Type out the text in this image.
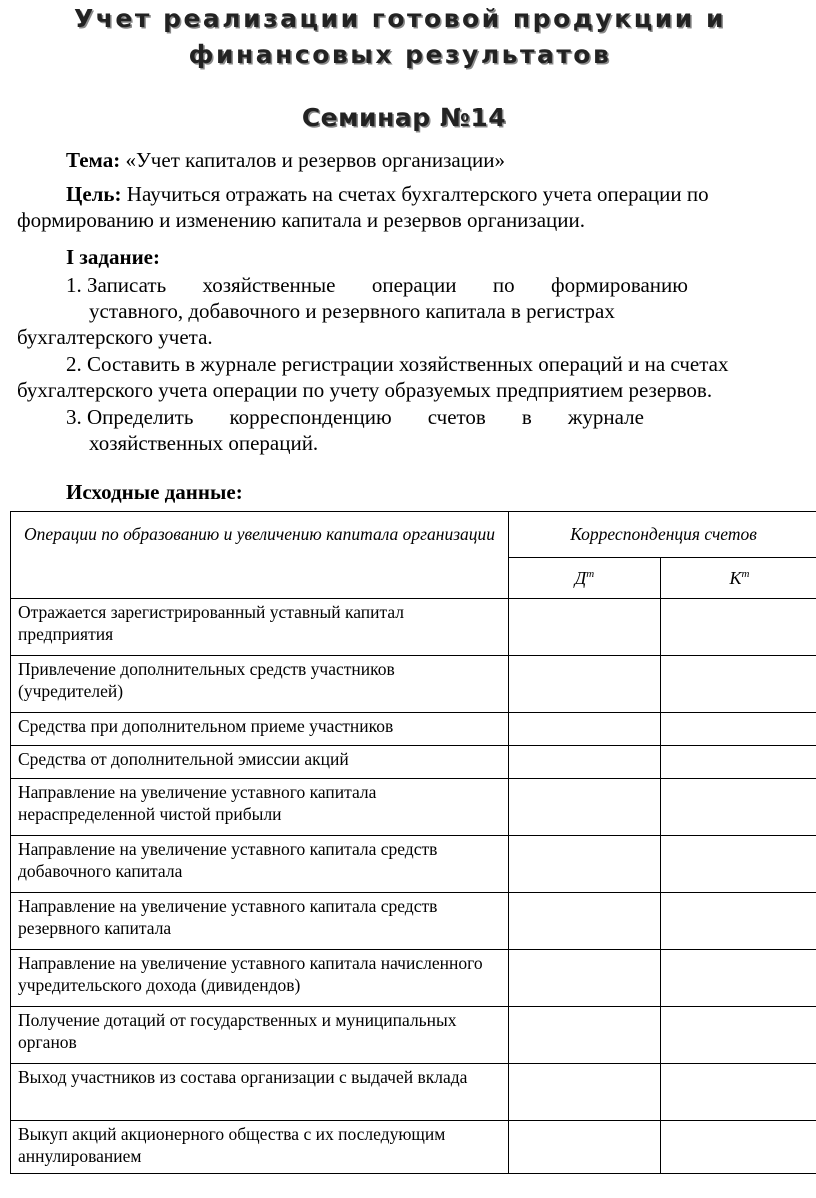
Учет реализации готовой продукции и
финансовых результатов
Семинар №14
Тема: «Учет капиталов и резервов организации»
Цель: Научиться отражать на счетах бухгалтерского учета операции по
формированию и изменению капитала и резервов организации.
I задание:
1. Записать хозяйственные операции по формированию
уставного, добавочного и резервного капитала в регистрах
бухгалтерского учета.
2. Составить в журнале регистрации хозяйственных операций и на счетах
бухгалтерского учета операции по учету образуемых предприятием резервов.
3. Определить корреспонденцию счетов в журнале
хозяйственных операций.
Исходные данные:
Операции по образованию и увеличению капитала организации	Корреспонденция счетов	
	$Д^т$	$К^т$
Отражается зарегистрированный уставный капитал предприятия		
Привлечение дополнительных средств участников (учредителей)		
Средства при дополнительном приеме участников		
Средства от дополнительной эмиссии акций		
Направление на увеличение уставного капитала нераспределенной чистой прибыли		
Направление на увеличение уставного капитала средств добавочного капитала		
Направление на увеличение уставного капитала средств резервного капитала		
Направление на увеличение уставного капитала начисленного учредительского дохода (дивидендов)		
Получение дотаций от государственных и муниципальных органов		
Выход участников из состава организации с выдачей вклада		
Выкуп акций акционерного общества с их последующим аннулированием		
